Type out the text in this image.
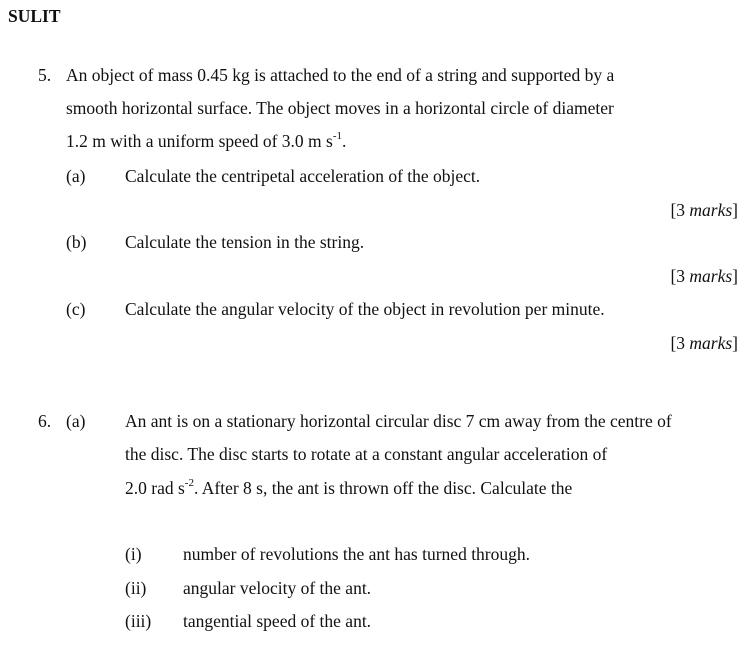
SULIT
5. An object of mass 0.45 kg is attached to the end of a string and supported by a
smooth horizontal surface. The object moves in a horizontal circle of diameter
1.2 m with a uniform speed of 3.0 m $s^{-1}$.
(a) Calculate the centripetal acceleration of the object.
[3 marks]
(b) Calculate the tension in the string.
[3 marks]
(c) Calculate the angular velocity of the object in revolution per minute.
[3 marks]
6. (a) An ant is on a stationary horizontal circular disc 7 cm away from the centre of
the disc. The disc starts to rotate at a constant angular acceleration of
2.0 rad $s^{-2}$. After 8 s, the ant is thrown off the disc. Calculate the
(i) number of revolutions the ant has turned through.
(ii) angular velocity of the ant.
(iii) tangential speed of the ant.
